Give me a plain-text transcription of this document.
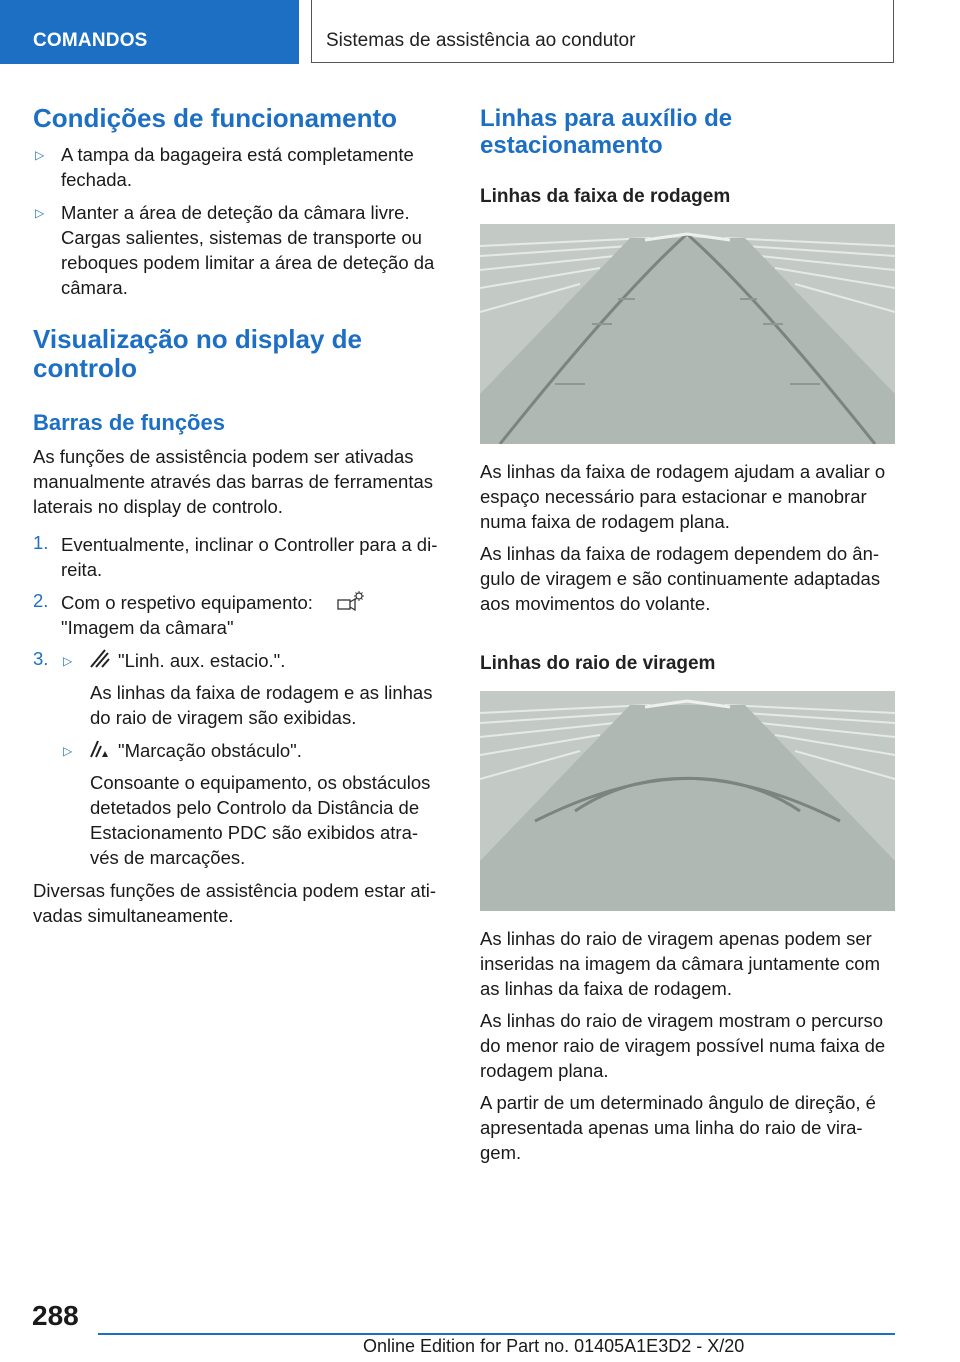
COMANDOS	Sistemas de assistência ao condutor
Condições de funcionamento
▷ A tampa da bagageira está completamente

fechada.

▷ Manter a área de deteção da câmara livre.

Cargas salientes, sistemas de transporte ou

reboques podem limitar a área de deteção da

câmara.

Visualização no display de
controlo
Barras de funções

As funções de assistência podem ser ativadas

manualmente através das barras de ferramentas

laterais no display de controlo.

1. Eventualmente, inclinar o Controller para a di-

reita.

2. Com o respetivo equipamento:

"Imagem da câmara"

3. ▷ "Linh. aux. estacio.".

As linhas da faixa de rodagem e as linhas

do raio de viragem são exibidas.

▷ "Marcação obstáculo".

Consoante o equipamento, os obstáculos

detetados pelo Controlo da Distância de

Estacionamento PDC são exibidos atra-

vés de marcações.

Diversas funções de assistência podem estar ati-

vadas simultaneamente.

Linhas para auxílio de
estacionamento
Linhas da faixa de rodagem

As linhas da faixa de rodagem ajudam a avaliar o

espaço necessário para estacionar e manobrar

numa faixa de rodagem plana.

As linhas da faixa de rodagem dependem do ân-

gulo de viragem e são continuamente adaptadas

aos movimentos do volante.

Linhas do raio de viragem

As linhas do raio de viragem apenas podem ser

inseridas na imagem da câmara juntamente com

as linhas da faixa de rodagem.

As linhas do raio de viragem mostram o percurso

do menor raio de viragem possível numa faixa de

rodagem plana.

A partir de um determinado ângulo de direção, é

apresentada apenas uma linha do raio de vira-

gem.

288
Online Edition for Part no. 01405A1E3D2 - X/20
